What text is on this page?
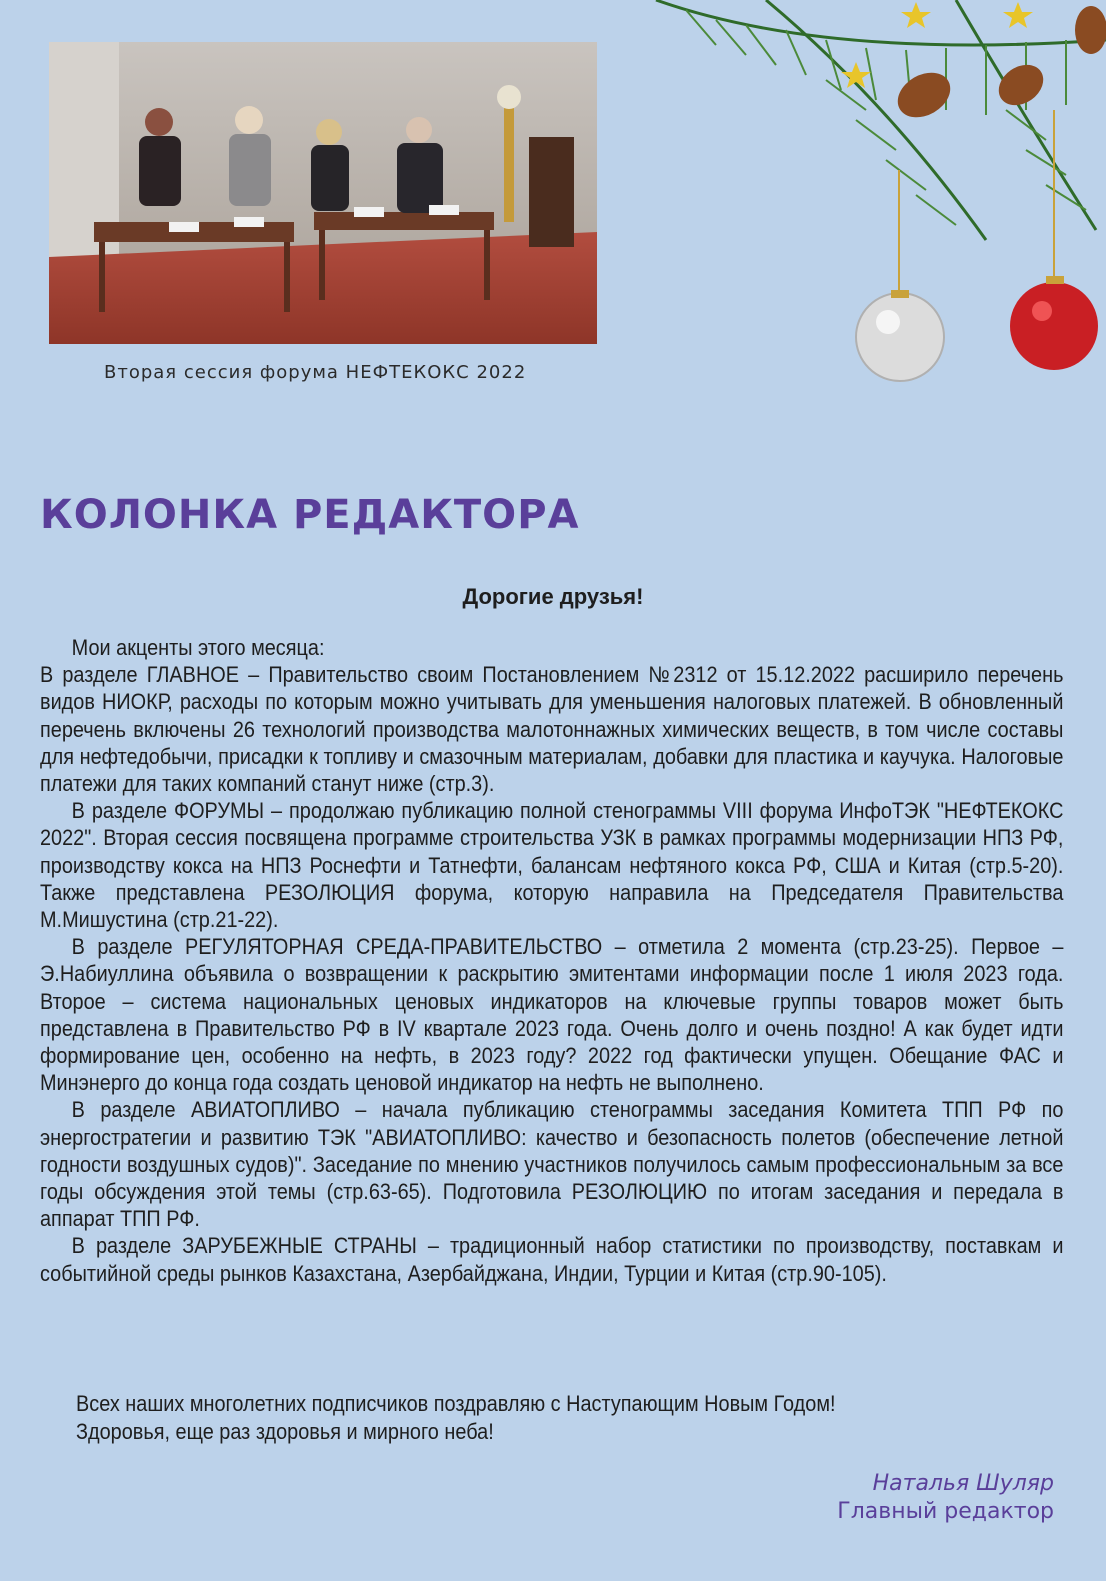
Вторая сессия форума НЕФТЕКОКС 2022
КОЛОНКА РЕДАКТОРА
Дорогие друзья!

Мои акценты этого месяца:

В разделе ГЛАВНОЕ – Правительство своим Постановлением №2312 от 15.12.2022 расширило перечень видов НИОКР, расходы по которым можно учитывать для уменьшения налоговых платежей. В обновленный перечень включены 26 технологий производства малотоннажных химических веществ, в том числе составы для нефтедобычи, присадки к топливу и смазочным материалам, добавки для пластика и каучука. Налоговые платежи для таких компаний станут ниже (стр.3).

В разделе ФОРУМЫ – продолжаю публикацию полной стенограммы VIII форума ИнфоТЭК "НЕФТЕКОКС 2022". Вторая сессия посвящена программе строительства УЗК в рамках программы модернизации НПЗ РФ, производству кокса на НПЗ Роснефти и Татнефти, балансам нефтяного кокса РФ, США и Китая (стр.5-20). Также представлена РЕЗОЛЮЦИЯ форума, которую направила на Председателя Правительства М.Мишустина (стр.21-22).

В разделе РЕГУЛЯТОРНАЯ СРЕДА-ПРАВИТЕЛЬСТВО – отметила 2 момента (стр.23-25). Первое – Э.Набиуллина объявила о возвращении к раскрытию эмитентами информации после 1 июля 2023 года. Второе – система национальных ценовых индикаторов на ключевые группы товаров может быть представлена в Правительство РФ в IV квартале 2023 года. Очень долго и очень поздно! А как будет идти формирование цен, особенно на нефть, в 2023 году? 2022 год фактически упущен. Обещание ФАС и Минэнерго до конца года создать ценовой индикатор на нефть не выполнено.

В разделе АВИАТОПЛИВО – начала публикацию стенограммы заседания Комитета ТПП РФ по энергостратегии и развитию ТЭК "АВИАТОПЛИВО: качество и безопасность полетов (обеспечение летной годности воздушных судов)". Заседание по мнению участников получилось самым профессиональным за все годы обсуждения этой темы (стр.63-65). Подготовила РЕЗОЛЮЦИЮ по итогам заседания и передала в аппарат ТПП РФ.

В разделе ЗАРУБЕЖНЫЕ СТРАНЫ – традиционный набор статистики по производству, поставкам и событийной среды рынков Казахстана, Азербайджана, Индии, Турции и Китая (стр.90-105).

Всех наших многолетних подписчиков поздравляю с Наступающим Новым Годом!
Здоровья, еще раз здоровья и мирного неба!
Наталья Шуляр
Главный редактор
